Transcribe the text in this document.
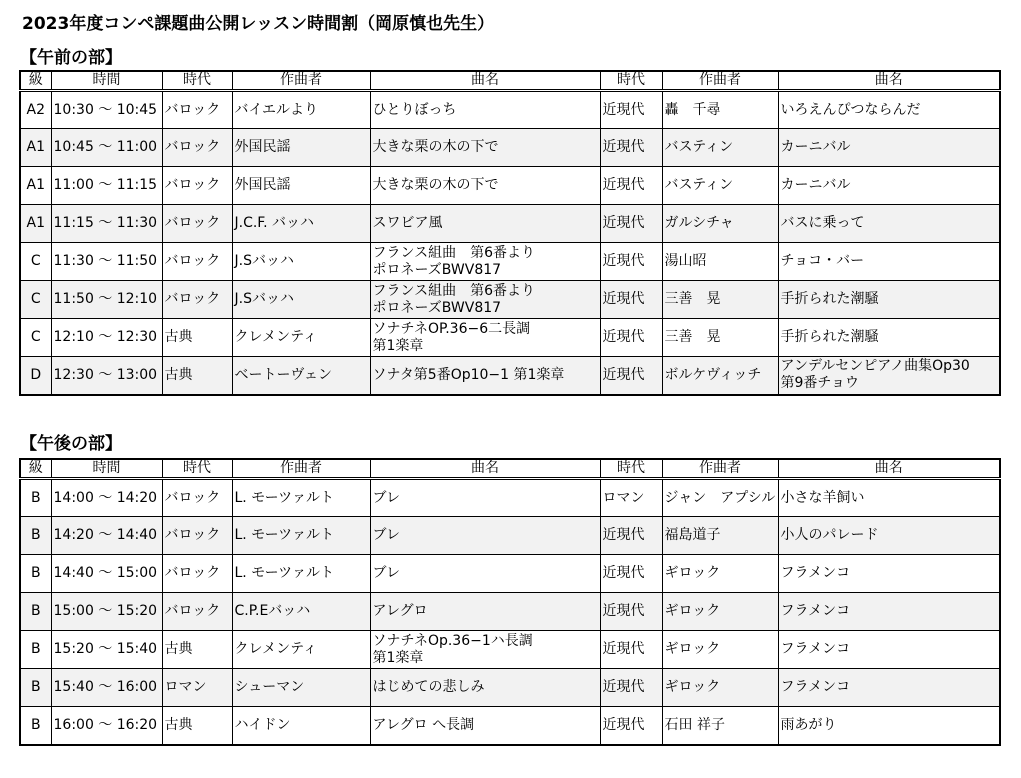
2023年度コンペ課題曲公開レッスン時間割（岡原慎也先生）
【午前の部】
級	時間	時代	作曲者	曲名	時代	作曲者	曲名
A2	10:30 ～ 10:45	バロック	バイエルより	ひとりぼっち	近現代	轟　千尋	いろえんぴつならんだ

A1	10:45 ～ 11:00	バロック	外国民謡	大きな栗の木の下で	近現代	バスティン	カーニバル

A1	11:00 ～ 11:15	バロック	外国民謡	大きな栗の木の下で	近現代	バスティン	カーニバル

A1	11:15 ～ 11:30	バロック	J.C.F. バッハ	スワビア風	近現代	ガルシチャ	バスに乗って

C	11:30 ～ 11:50	バロック	J.Sバッハ	フランス組曲　第6番より
ポロネーズBWV817	近現代	湯山昭	チョコ・バー

C	11:50 ～ 12:10	バロック	J.Sバッハ	フランス組曲　第6番より
ポロネーズBWV817	近現代	三善　晃	手折られた潮騒

C	12:10 ～ 12:30	古典	クレメンティ	ソナチネOP.36−6二長調
第1楽章	近現代	三善　晃	手折られた潮騒

D	12:30 ～ 13:00	古典	ベートーヴェン	ソナタ第5番Op10−1 第1楽章	近現代	ボルケヴィッチ	アンデルセンピアノ曲集Op30
第9番チョウ
【午後の部】
級	時間	時代	作曲者	曲名	時代	作曲者	曲名
B	14:00 ～ 14:20	バロック	L. モーツァルト	ブレ	ロマン	ジャン　アプシル	小さな羊飼い

B	14:20 ～ 14:40	バロック	L. モーツァルト	ブレ	近現代	福島道子	小人のパレード

B	14:40 ～ 15:00	バロック	L. モーツァルト	ブレ	近現代	ギロック	フラメンコ

B	15:00 ～ 15:20	バロック	C.P.Eバッハ	アレグロ	近現代	ギロック	フラメンコ

B	15:20 ～ 15:40	古典	クレメンティ	ソナチネOp.36−1ハ長調
第1楽章	近現代	ギロック	フラメンコ

B	15:40 ～ 16:00	ロマン	シューマン	はじめての悲しみ	近現代	ギロック	フラメンコ

B	16:00 ～ 16:20	古典	ハイドン	アレグロ へ長調	近現代	石田 祥子	雨あがり
